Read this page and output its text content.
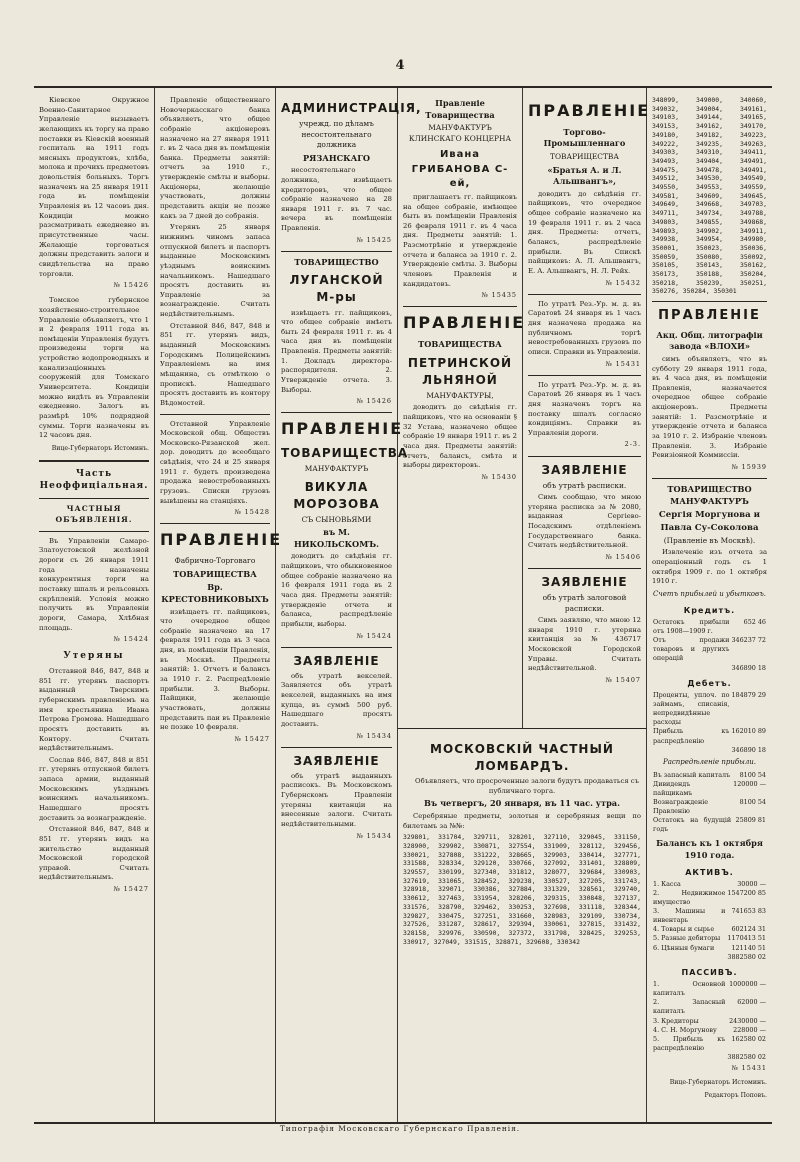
4

Кіевское Окружное Военно-Санитарное Управленіе вызываетъ желающихъ къ торгу на право поставки въ Кіевскій военный госпиталь на 1911 годъ мясныхъ продуктовъ, хлѣба, молока и прочихъ предметовъ довольствія больныхъ. Торгъ назначенъ на 25 января 1911 года въ помѣщеніи Управленія въ 12 часовъ дня. Кондиціи можно разсматривать ежедневно въ присутственные часы. Желающіе торговаться должны представить залоги и свидѣтельства на право торговли.

№ 15426

Томское губернское хозяйственно-строительное Управленіе объявляетъ, что 1 и 2 февраля 1911 года въ помѣщеніи Управленія будутъ произведены торги на устройство водопроводныхъ и канализаціонныхъ сооруженій для Томскаго Университета. Кондиціи можно видѣть въ Управленіи ежедневно. Залогъ въ размѣрѣ 10% подрядной суммы. Торги назначены въ 12 часовъ дня.

Вице-Губернаторъ Истоминъ.
Часть Неоффиціальная.
ЧАСТНЫЯ ОБЪЯВЛЕНІЯ.

Въ Управленіи Самаро-Златоустовской желѣзной дороги съ 26 января 1911 года назначены конкурентныя торги на поставку шпалъ и рельсовыхъ скрѣпленій. Условія можно получить въ Управленіи дороги, Самара, Хлѣбная площадь.

№ 15424
Утеряны

Отставной 846, 847, 848 и 851 гг. утерянъ паспортъ выданный Тверскимъ губернскимъ правленіемъ на имя крестьянина Ивана Петрова Громова. Нашедшаго просятъ доставить въ Контору. Считать недѣйствительнымъ.

Сослав 846, 847, 848 и 851 гг. утерянъ отпускной билетъ запаса армии, выданный Московскимъ уѣзднымъ воинскимъ начальникомъ. Нашедшаго просятъ доставить за вознагражденіе.

Отставной 846, 847, 848 и 851 гг. утерянъ видъ на жительство выданный Московской городской управой. Считать недѣйствительнымъ.

№ 15427

Правленіе общественнаго Новочеркасскаго банка объявляетъ, что общее собраніе акціонеровъ назначено на 27 января 1911 г. въ 2 часа дня въ помѣщеніи банка. Предметы занятій: отчетъ за 1910 г., утвержденіе смѣты и выборы. Акціонеры, желающіе участвовать, должны представить акціи не позже какъ за 7 дней до собранія.

Утерянъ 25 января нижнимъ чиномъ запаса отпускной билетъ и паспортъ выданные Московскимъ уѣзднымъ воинскимъ начальникомъ. Нашедшаго просятъ доставить въ Управленіе за вознагражденіе. Считать недѣйствительнымъ.

Отставной 846, 847, 848 и 851 гг. утерянъ видъ, выданный Московскимъ Городскимъ Полицейскимъ Управленіемъ на имя мѣщанина, съ отмѣткою о пропискѣ. Нашедшаго просятъ доставить въ контору Вѣдомостей.

Отставной Управленіе Московской общ. Обществъ Московско-Рязанской жел. дор. доводитъ до всеобщаго свѣдѣнія, что 24 и 25 января 1911 г. будетъ произведена продажа невостребованныхъ грузовъ. Списки грузовъ вывѣшены на станціяхъ.

№ 15428
ПРАВЛЕНІЕ
Фабрично-Торговаго
ТОВАРИЩЕСТВА
Вр. КРЕСТОВНИКОВЫХЪ

извѣщаетъ гг. пайщиковъ, что очередное общее собраніе назначено на 17 февраля 1911 года въ 3 часа дня, въ помѣщеніи Правленія, въ Москвѣ. Предметы занятій: 1. Отчетъ и балансъ за 1910 г. 2. Распредѣленіе прибыли. 3. Выборы. Пайщики, желающіе участвовать, должны представить паи въ Правленіе не позже 10 февраля.

№ 15427
АДМИНИСТРАЦІЯ,
учрежд. по дѣламъ несостоятельнаго должника
РЯЗАНСКАГО

несостоятельнаго должника, извѣщаетъ кредиторовъ, что общее собраніе назначено на 28 января 1911 г. въ 7 час. вечера въ помѣщеніи Правленія.

№ 15425
ТОВАРИЩЕСТВО
ЛУГАНСКОЙ М-ры

извѣщаетъ гг. пайщиковъ, что общее собраніе имѣетъ быть 24 февраля 1911 г. въ 4 часа дня въ помѣщеніи Правленія. Предметы занятій: 1. Докладъ директора-распорядителя. 2. Утвержденіе отчета. 3. Выборы.

№ 15426
ПРАВЛЕНІЕ
ТОВАРИЩЕСТВА
МАНУФАКТУРЪ
ВИКУЛА МОРОЗОВА
СЪ СЫНОВЬЯМИ
въ М. НИКОЛЬСКОМЪ.

доводитъ до свѣдѣнія гг. пайщиковъ, что обыкновенное общее собраніе назначено на 16 февраля 1911 года въ 2 часа дня. Предметы занятій: утвержденіе отчета и баланса, распредѣленіе прибыли, выборы.

№ 15424
ЗАЯВЛЕНІЕ

объ утратѣ векселей. Заявляется объ утратѣ векселей, выданныхъ на имя купца, въ суммѣ 500 руб. Нашедшаго просятъ доставить.

№ 15434
ЗАЯВЛЕНІЕ

объ утратѣ выданныхъ расписокъ. Въ Московскомъ Губернскомъ Правленіи утеряны квитанціи на внесенные залоги. Считать недѣйствительными.

№ 15434
Правленіе Товарищества
МАНУФАКТУРЪ КЛИНСКАГО КОНЦЕРНА
Ивана ГРИБАНОВА С-ей,

приглашаетъ гг. пайщиковъ на общее собраніе, имѣющее быть въ помѣщеніи Правленія 26 февраля 1911 г. въ 4 часа дня. Предметы занятій: 1. Разсмотрѣніе и утвержденіе отчета и баланса за 1910 г. 2. Утвержденіе смѣты. 3. Выборы членовъ Правленія и кандидатовъ.

№ 15435
ПРАВЛЕНІЕ
ТОВАРИЩЕСТВА
ПЕТРИНСКОЙ ЛЬНЯНОЙ
МАНУФАКТУРЫ,

доводитъ до свѣдѣнія гг. пайщиковъ, что на основаніи § 32 Устава, назначено общее собраніе 19 января 1911 г. въ 2 часа дня. Предметы занятій: отчетъ, балансъ, смѣта и выборы директоровъ.

№ 15430
ПРАВЛЕНІЕ
Торгово-Промышленнаго
ТОВАРИЩЕСТВА
«Братья А. и Л. Альшвангъ»,

доводитъ до свѣдѣнія гг. пайщиковъ, что очередное общее собраніе назначено на 19 февраля 1911 г. въ 2 часа дня. Предметы: отчетъ, балансъ, распредѣленіе прибыли. Въ Спискѣ пайщиковъ: А. Л. Альшвангъ, Е. А. Альшвангъ, Н. Л. Рейх.

№ 15432

По утратѣ Рез.-Ур. м. д. въ Саратовѣ 24 января въ 1 часъ дня назначена продажа на публичномъ торгѣ невостребованныхъ грузовъ по описи. Справки въ Управленіи.

№ 15431

По утратѣ Рез.-Ур. м. д. въ Саратовѣ 26 января въ 1 часъ дня назначенъ торгъ на поставку шпалъ согласно кондиціямъ. Справки въ Управленіи дороги.

2-3.
ЗАЯВЛЕНІЕ
объ утратѣ расписки.

Симъ сообщаю, что мною утеряна расписка за № 2080, выданная Сергіево-Посадскимъ отдѣленіемъ Государственнаго банка. Считать недѣйствительной.

№ 15406
ЗАЯВЛЕНІЕ
объ утратѣ залоговой расписки.

Симъ заявляю, что мною 12 января 1910 г. утеряна квитанція за № 436717 Московской Городской Управы. Считать недѣйствительной.

№ 15407
МОСКОВСКІЙ ЧАСТНЫЙ ЛОМБАРДЪ.

Объявляетъ, что просроченные залоги будутъ продаваться съ публичнаго торга.

Въ четвергъ, 20 января, въ 11 час. утра.

Серебряные предметы, золотыя и серебряныя вещи по билетамъ за №№:

329801, 331704, 329711, 328201, 327110, 329045, 331150, 328900, 329902, 330871, 327554, 331909, 328112, 329456, 330021, 327808, 331222, 328665, 329903, 330414, 327771, 331588, 328334, 329120, 330766, 327092, 331401, 328809, 329557, 330199, 327340, 331812, 328077, 329684, 330903, 327619, 331065, 328452, 329238, 330527, 327205, 331743, 328918, 329071, 330386, 327884, 331329, 328561, 329740, 330612, 327463, 331954, 328206, 329315, 330848, 327137, 331576, 328790, 329462, 330253, 327698, 331118, 328344, 329827, 330475, 327251, 331660, 328983, 329109, 330734, 327526, 331287, 328617, 329394, 330061, 327815, 331432, 328158, 329976, 330590, 327372, 331798, 328425, 329253, 330917, 327049, 331515, 328871, 329608, 330342
348099, 349000, 340060, 349032, 349004, 349161, 349103, 349144, 349165, 349153, 349162, 349170, 349180, 349182, 349223, 349222, 349235, 349263, 349303, 349310, 349411, 349493, 349404, 349491, 349475, 349478, 349491, 349512, 349530, 349549, 349550, 349553, 349559, 349581, 349609, 349645, 349649, 349668, 349703, 349711, 349734, 349788, 349803, 349855, 349868, 349893, 349902, 349911, 349938, 349954, 349980, 350001, 350023, 350036, 350059, 350080, 350092, 350105, 350143, 350162, 350173, 350188, 350204, 350218, 350239, 350251, 350276, 350284, 350301
ПРАВЛЕНІЕ
Акц. Общ. литографіи завода «ВЛОХИ»

симъ объявляетъ, что въ субботу 29 января 1911 года, въ 4 часа дня, въ помѣщеніи Правленія, назначается очередное общее собраніе акціонеровъ. Предметы занятій: 1. Разсмотрѣніе и утвержденіе отчета и баланса за 1910 г. 2. Избраніе членовъ Правленія. 3. Избраніе Ревизіонной Коммиссіи.

№ 15939
ТОВАРИЩЕСТВО МАНУФАКТУРЪ
Сергія Моргунова и Павла Су-Соколова
(Правленіе въ Москвѣ).

Извлеченіе изъ отчета за операціонный годъ съ 1 октября 1909 г. по 1 октября 1910 г.

Счетъ прибылей и убытковъ.
Кредитъ.
Остатокъ прибыли отъ 1908—1909 г.	652 46
Отъ продажи товаровъ и другихъ операцій	346237 72
	346890 18
Дебетъ.
Проценты, уплоч. по займамъ, списанія, непредвидѣнные расходы	184879 29
Прибыль къ распредѣленію	162010 89
	346890 18
Распредѣленіе прибыли.
Въ запасный капиталъ	8100 54
Дивидендъ пайщикамъ	120000 —
Вознагражденіе Правленію	8100 54
Остатокъ на будущій годъ	25809 81
Балансъ къ 1 октября 1910 года.
АКТИВЪ.
1. Касса	30000 —
2. Недвижимое имущество	1547200 85
3. Машины и инвентарь	741653 83
4. Товары и сырье	602124 31
5. Разные дебиторы	1170413 51
6. Цѣнныя бумаги	121140 51
	3882580 02
ПАССИВЪ.
1. Основной капиталъ	1000000 —
2. Запасный капиталъ	62000 —
3. Кредиторы	2430000 —
4. С. Н. Моргунову	228000 —
5. Прибыль къ распредѣленію	162580 02
	3882580 02
№ 15431
Вице-Губернаторъ Истоминъ.
Редакторъ Поповъ.
Типографія Московскаго Губернскаго Правленія.
